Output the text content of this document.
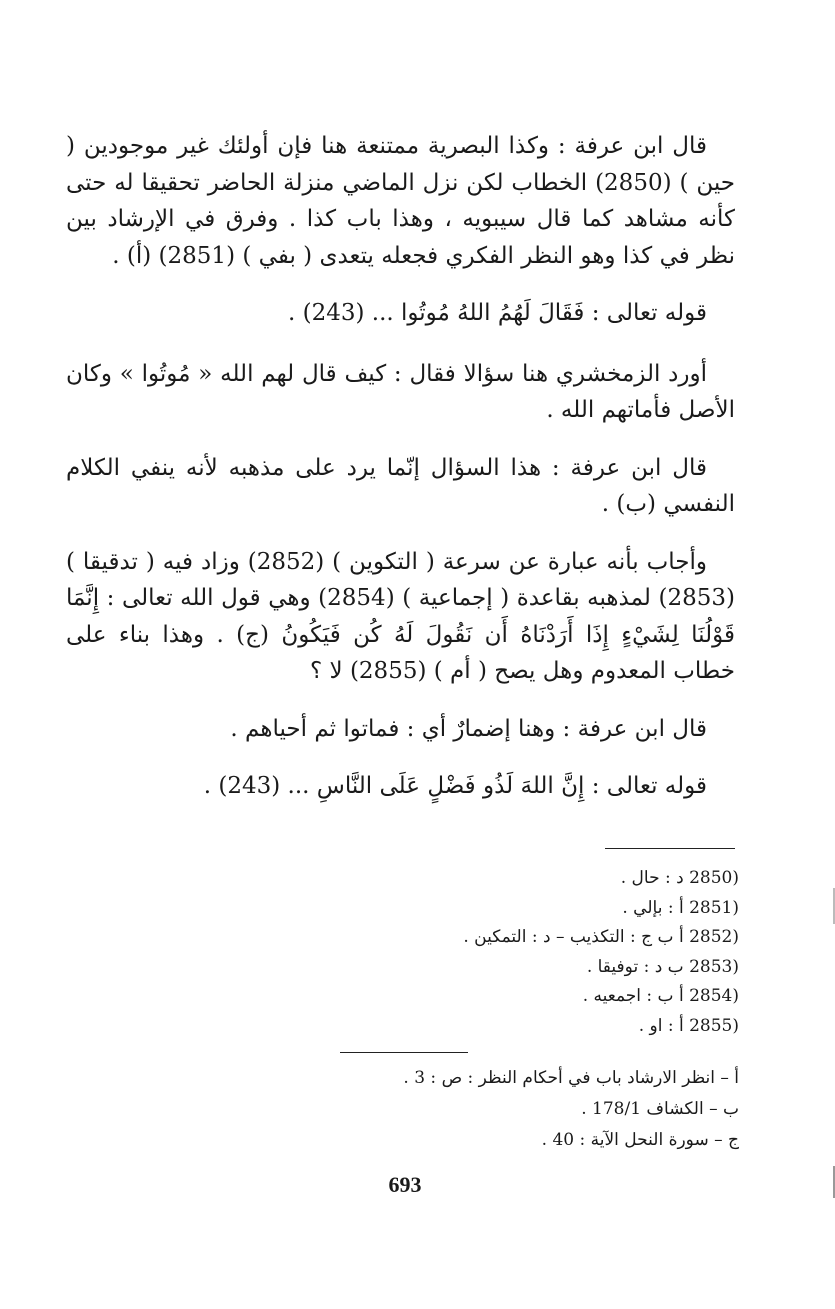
قال ابن عرفة : وكذا البصرية ممتنعة هنا فإن أولئك غير موجودين ( حين ) (2850) الخطاب لكن نزل الماضي منزلة الحاضر تحقيقا له حتى كأنه مشاهد كما قال سيبويه ، وهذا باب كذا . وفرق في الإرشاد بين نظر في كذا وهو النظر الفكري فجعله يتعدى ( بفي ) (2851) (أ) .

قوله تعالى : فَقَالَ لَهُمُ اللهُ مُوتُوا ... (243) .

أورد الزمخشري هنا سؤالا فقال : كيف قال لهم الله « مُوتُوا » وكان الأصل فأماتهم الله .

قال ابن عرفة : هذا السؤال إنّما يرد على مذهبه لأنه ينفي الكلام النفسي (ب) .

وأجاب بأنه عبارة عن سرعة ( التكوين ) (2852) وزاد فيه ( تدقيقا ) (2853) لمذهبه بقاعدة ( إجماعية ) (2854) وهي قول الله تعالى : إِنَّمَا قَوْلُنَا لِشَيْءٍ إِذَا أَرَدْنَاهُ أَن نَقُولَ لَهُ كُن فَيَكُونُ (ج) . وهذا بناء على خطاب المعدوم وهل يصح ( أم ) (2855) لا ؟

قال ابن عرفة : وهنا إضمارٌ أي : فماتوا ثم أحياهم .

قوله تعالى : إِنَّ اللهَ لَذُو فَضْلٍ عَلَى النَّاسِ ... (243) .

(2850 د : حال .
(2851 أ : بإلي .
(2852 أ ب ج : التكذيب – د : التمكين .
(2853 ب د : توفيقا .
(2854 أ ب : اجمعيه .
(2855 أ : او .
أ – انظر الارشاد باب في أحكام النظر : ص : 3 .
ب – الكشاف 178/1 .
ج – سورة النحل الآية : 40 .
693
